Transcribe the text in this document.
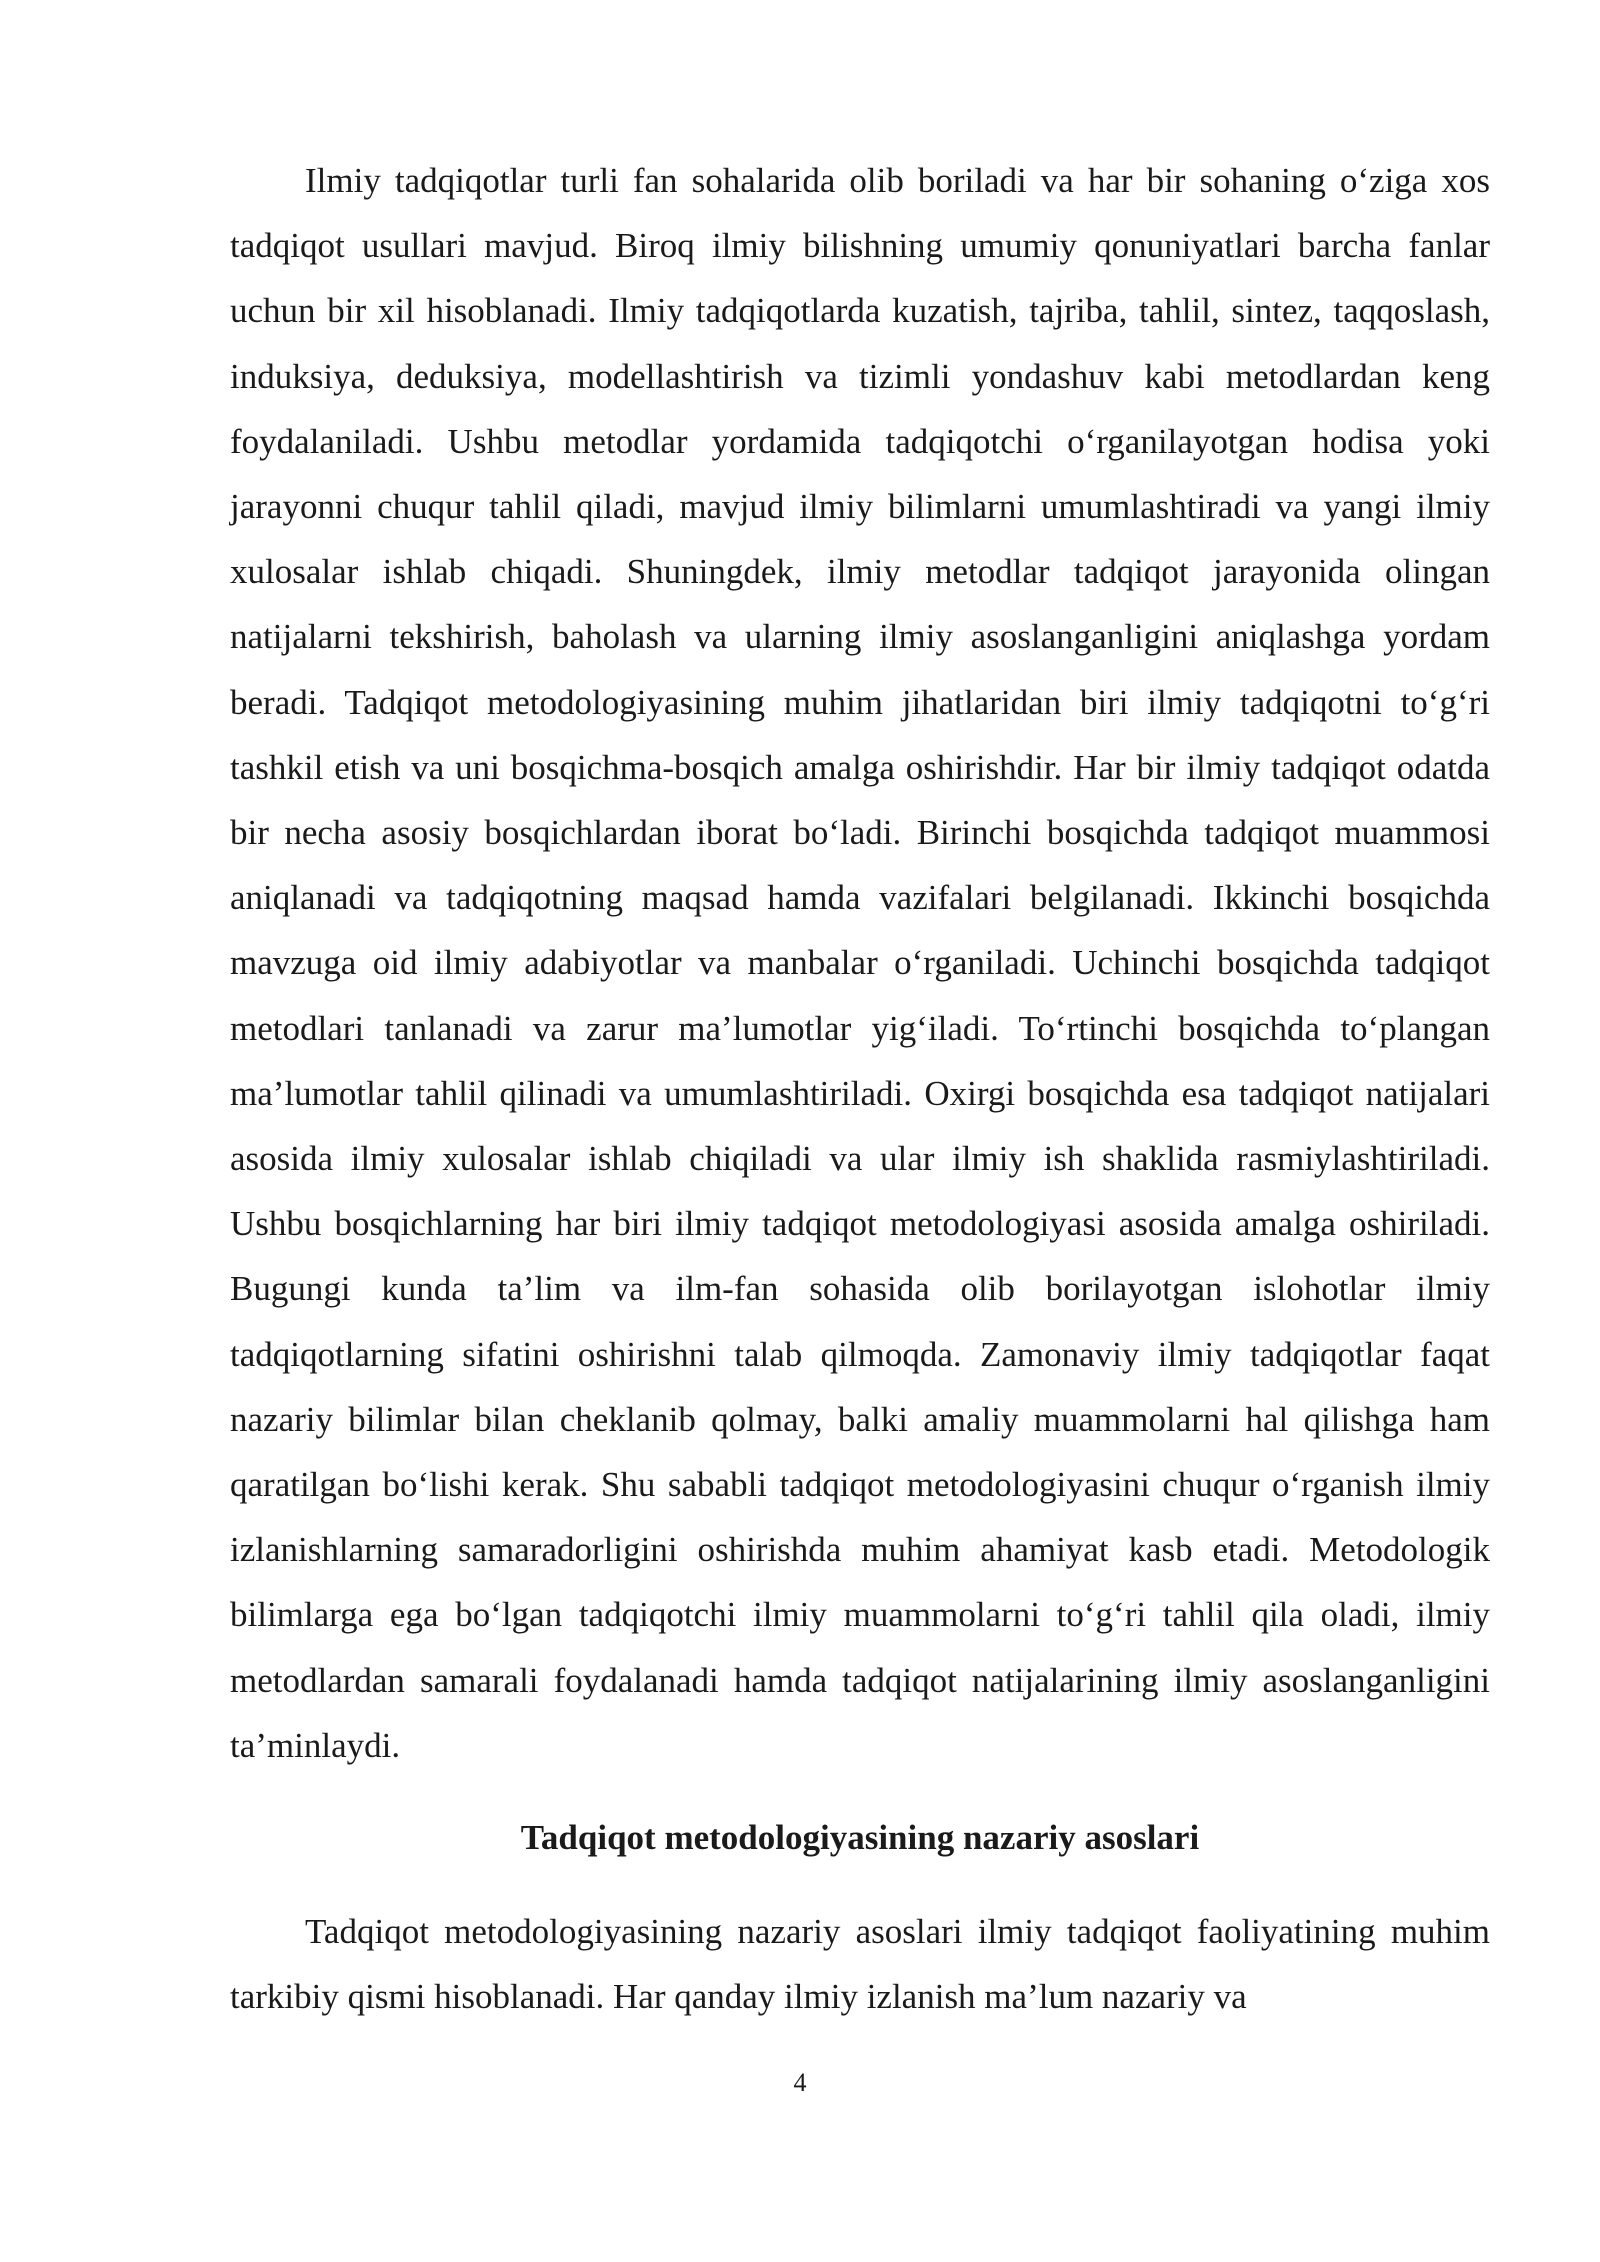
Ilmiy tadqiqotlar turli fan sohalarida olib boriladi va har bir sohaning o‘ziga xos tadqiqot usullari mavjud. Biroq ilmiy bilishning umumiy qonuniyatlari barcha fanlar uchun bir xil hisoblanadi. Ilmiy tadqiqotlarda kuzatish, tajriba, tahlil, sintez, taqqoslash, induksiya, deduksiya, modellashtirish va tizimli yondashuv kabi metodlardan keng foydalaniladi. Ushbu metodlar yordamida tadqiqotchi o‘rganilayotgan hodisa yoki jarayonni chuqur tahlil qiladi, mavjud ilmiy bilimlarni umumlashtiradi va yangi ilmiy xulosalar ishlab chiqadi. Shuningdek, ilmiy metodlar tadqiqot jarayonida olingan natijalarni tekshirish, baholash va ularning ilmiy asoslanganligini aniqlashga yordam beradi. Tadqiqot metodologiyasining muhim jihatlaridan biri ilmiy tadqiqotni to‘g‘ri tashkil etish va uni bosqichma-bosqich amalga oshirishdir. Har bir ilmiy tadqiqot odatda bir necha asosiy bosqichlardan iborat bo‘ladi. Birinchi bosqichda tadqiqot muammosi aniqlanadi va tadqiqotning maqsad hamda vazifalari belgilanadi. Ikkinchi bosqichda mavzuga oid ilmiy adabiyotlar va manbalar o‘rganiladi. Uchinchi bosqichda tadqiqot metodlari tanlanadi va zarur ma’lumotlar yig‘iladi. To‘rtinchi bosqichda to‘plangan ma’lumotlar tahlil qilinadi va umumlashtiriladi. Oxirgi bosqichda esa tadqiqot natijalari asosida ilmiy xulosalar ishlab chiqiladi va ular ilmiy ish shaklida rasmiylashtiriladi. Ushbu bosqichlarning har biri ilmiy tadqiqot metodologiyasi asosida amalga oshiriladi. Bugungi kunda ta’lim va ilm-fan sohasida olib borilayotgan islohotlar ilmiy tadqiqotlarning sifatini oshirishni talab qilmoqda. Zamonaviy ilmiy tadqiqotlar faqat nazariy bilimlar bilan cheklanib qolmay, balki amaliy muammolarni hal qilishga ham qaratilgan bo‘lishi kerak. Shu sababli tadqiqot metodologiyasini chuqur o‘rganish ilmiy izlanishlarning samaradorligini oshirishda muhim ahamiyat kasb etadi. Metodologik bilimlarga ega bo‘lgan tadqiqotchi ilmiy muammolarni to‘g‘ri tahlil qila oladi, ilmiy metodlardan samarali foydalanadi hamda tadqiqot natijalarining ilmiy asoslanganligini ta’minlaydi.

Tadqiqot metodologiyasining nazariy asoslari

Tadqiqot metodologiyasining nazariy asoslari ilmiy tadqiqot faoliyatining muhim tarkibiy qismi hisoblanadi. Har qanday ilmiy izlanish ma’lum nazariy va

4
